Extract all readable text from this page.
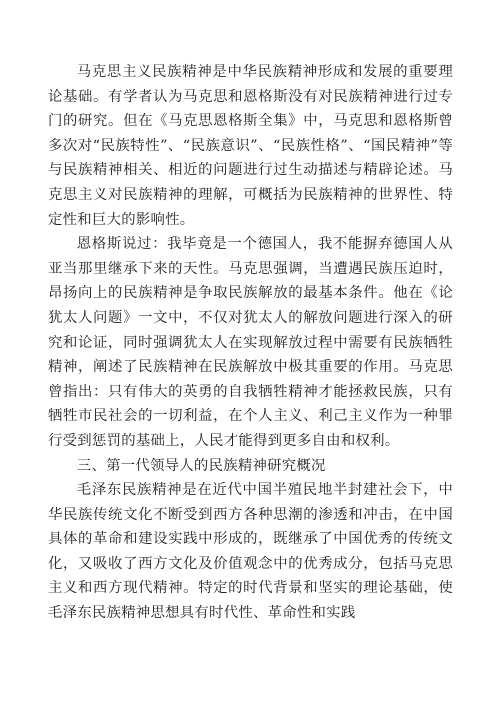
马克思主义民族精神是中华民族精神形成和发展的重要理论基础。有学者认为马克思和恩格斯没有对民族精神进行过专门的研究。但在《马克思恩格斯全集》中，马克思和恩格斯曾多次对“民族特性”、“民族意识”、“民族性格”、“国民精神”等与民族精神相关、相近的问题进行过生动描述与精辟论述。马克思主义对民族精神的理解，可概括为民族精神的世界性、特定性和巨大的影响性。

恩格斯说过：我毕竟是一个德国人，我不能摒弃德国人从亚当那里继承下来的天性。马克思强调，当遭遇民族压迫时，昂扬向上的民族精神是争取民族解放的最基本条件。他在《论犹太人问题》一文中，不仅对犹太人的解放问题进行深入的研究和论证，同时强调犹太人在实现解放过程中需要有民族牺牲精神，阐述了民族精神在民族解放中极其重要的作用。马克思曾指出：只有伟大的英勇的自我牺牲精神才能拯救民族，只有牺牲市民社会的一切利益，在个人主义、利己主义作为一种罪行受到惩罚的基础上，人民才能得到更多自由和权利。

三、第一代领导人的民族精神研究概况

毛泽东民族精神是在近代中国半殖民地半封建社会下，中华民族传统文化不断受到西方各种思潮的渗透和冲击，在中国具体的革命和建设实践中形成的，既继承了中国优秀的传统文化，又吸收了西方文化及价值观念中的优秀成分，包括马克思主义和西方现代精神。特定的时代背景和坚实的理论基础，使毛泽东民族精神思想具有时代性、革命性和实践
